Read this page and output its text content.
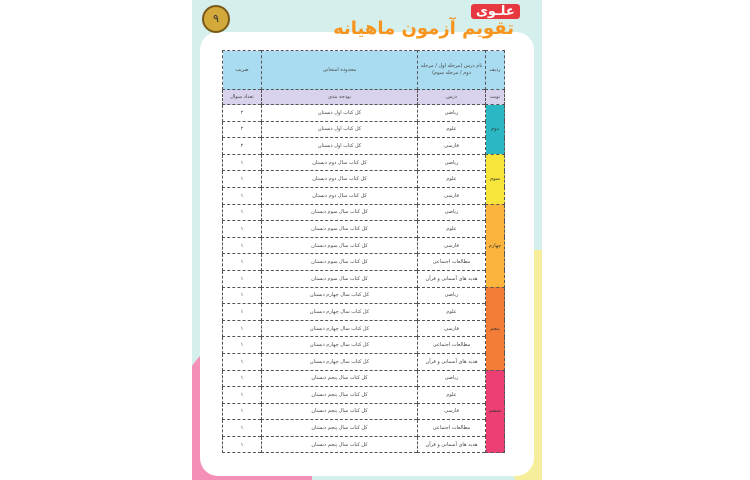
۹	علـوی
تقویم آزمون ماهیانه
ردیف	نام درس (مرحله اول / مرحله دوم / مرحله سوم)	محدوده امتحانی	ضریب
نوبت	درس	بودجه بندی	تعداد سوال
دوم	ریاضی	کل کتاب اول دبستان	۲
	علوم	کل کتاب اول دبستان	۲
	فارسی	کل کتاب اول دبستان	۲
سوم	ریاضی	کل کتاب سال دوم دبستان	۱
	علوم	کل کتاب سال دوم دبستان	۱
	فارسی	کل کتاب سال دوم دبستان	۱
چهارم	ریاضی	کل کتاب سال سوم دبستان	۱
	علوم	کل کتاب سال سوم دبستان	۱
	فارسی	کل کتاب سال سوم دبستان	۱
	مطالعات اجتماعی	کل کتاب سال سوم دبستان	۱
	هدیه های آسمانی و قرآن	کل کتاب سال سوم دبستان	۱
پنجم	ریاضی	کل کتاب سال چهارم دبستان	۱
	علوم	کل کتاب سال چهارم دبستان	۱
	فارسی	کل کتاب سال چهارم دبستان	۱
	مطالعات اجتماعی	کل کتاب سال چهارم دبستان	۱
	هدیه های آسمانی و قرآن	کل کتاب سال چهارم دبستان	۱
ششم	ریاضی	کل کتاب سال پنجم دبستان	۱
	علوم	کل کتاب سال پنجم دبستان	۱
	فارسی	کل کتاب سال پنجم دبستان	۱
	مطالعات اجتماعی	کل کتاب سال پنجم دبستان	۱
	هدیه های آسمانی و قرآن	کل کتاب سال پنجم دبستان	۱
